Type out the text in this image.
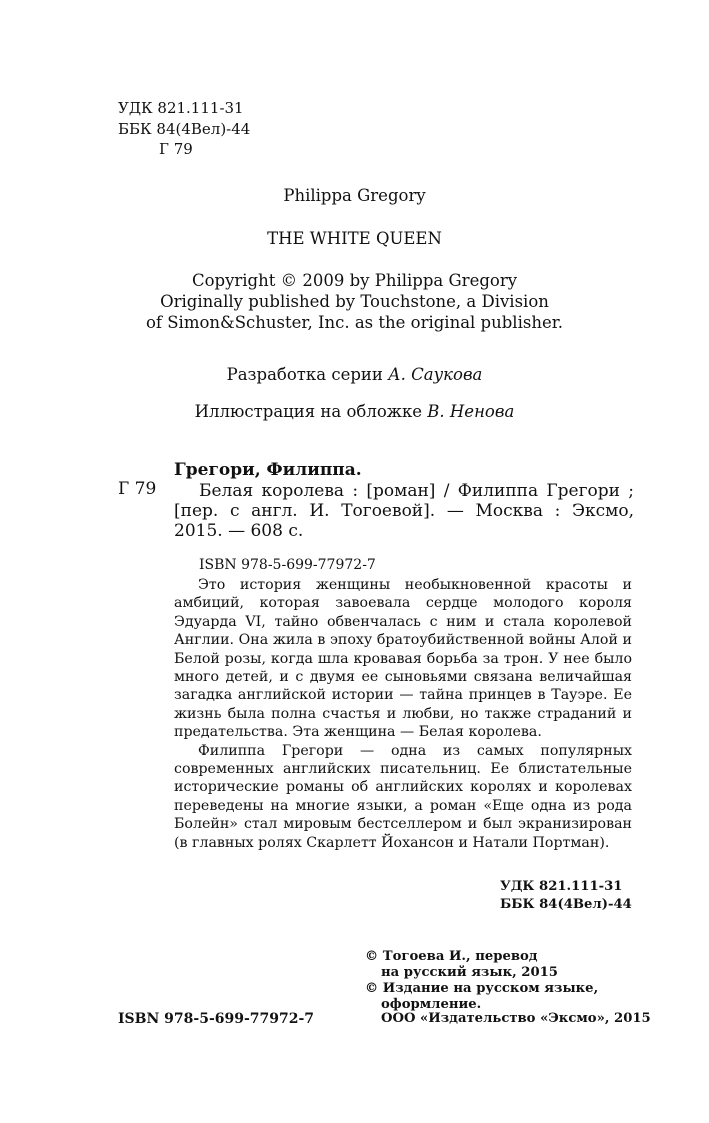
УДК 821.111-31
ББК 84(4Вел)-44
Г 79
Philippa Gregory
THE WHITE QUEEN
Copyright © 2009 by Philippa Gregory
Originally published by Touchstone, a Division
of Simon&Schuster, Inc. as the original publisher.
Разработка серии А. Саукова
Иллюстрация на обложке В. Ненова
Грегори, Филиппа.
Г 79	Белая королева : [роман] / Филиппа Грегори ;
[пер. с англ. И. Тогоевой]. — Москва : Эксмо,
2015. — 608 с.
ISBN 978-5-699-77972-7

Это история женщины необыкновенной красоты и амбиций, которая завоевала сердце молодого короля Эдуарда VI, тайно обвенчалась с ним и стала королевой Англии. Она жила в эпоху братоубийственной войны Алой и Белой розы, когда шла кровавая борьба за трон. У нее было много детей, и с двумя ее сыновьями связана величайшая загадка английской истории — тайна принцев в Тауэре. Ее жизнь была полна счастья и любви, но также страданий и предательства. Эта женщина — Белая королева.

Филиппа Грегори — одна из самых популярных современных английских писательниц. Ее блистательные исторические романы об английских королях и королевах переведены на многие языки, а роман «Еще одна из рода Болейн» стал мировым бестселлером и был экранизирован (в главных ролях Скарлетт Йохансон и Натали Портман).

УДК 821.111-31
ББК 84(4Вел)-44
© Тогоева И., перевод
на русский язык, 2015
© Издание на русском языке,
оформление.
ООО «Издательство «Эксмо», 2015
ISBN 978-5-699-77972-7
